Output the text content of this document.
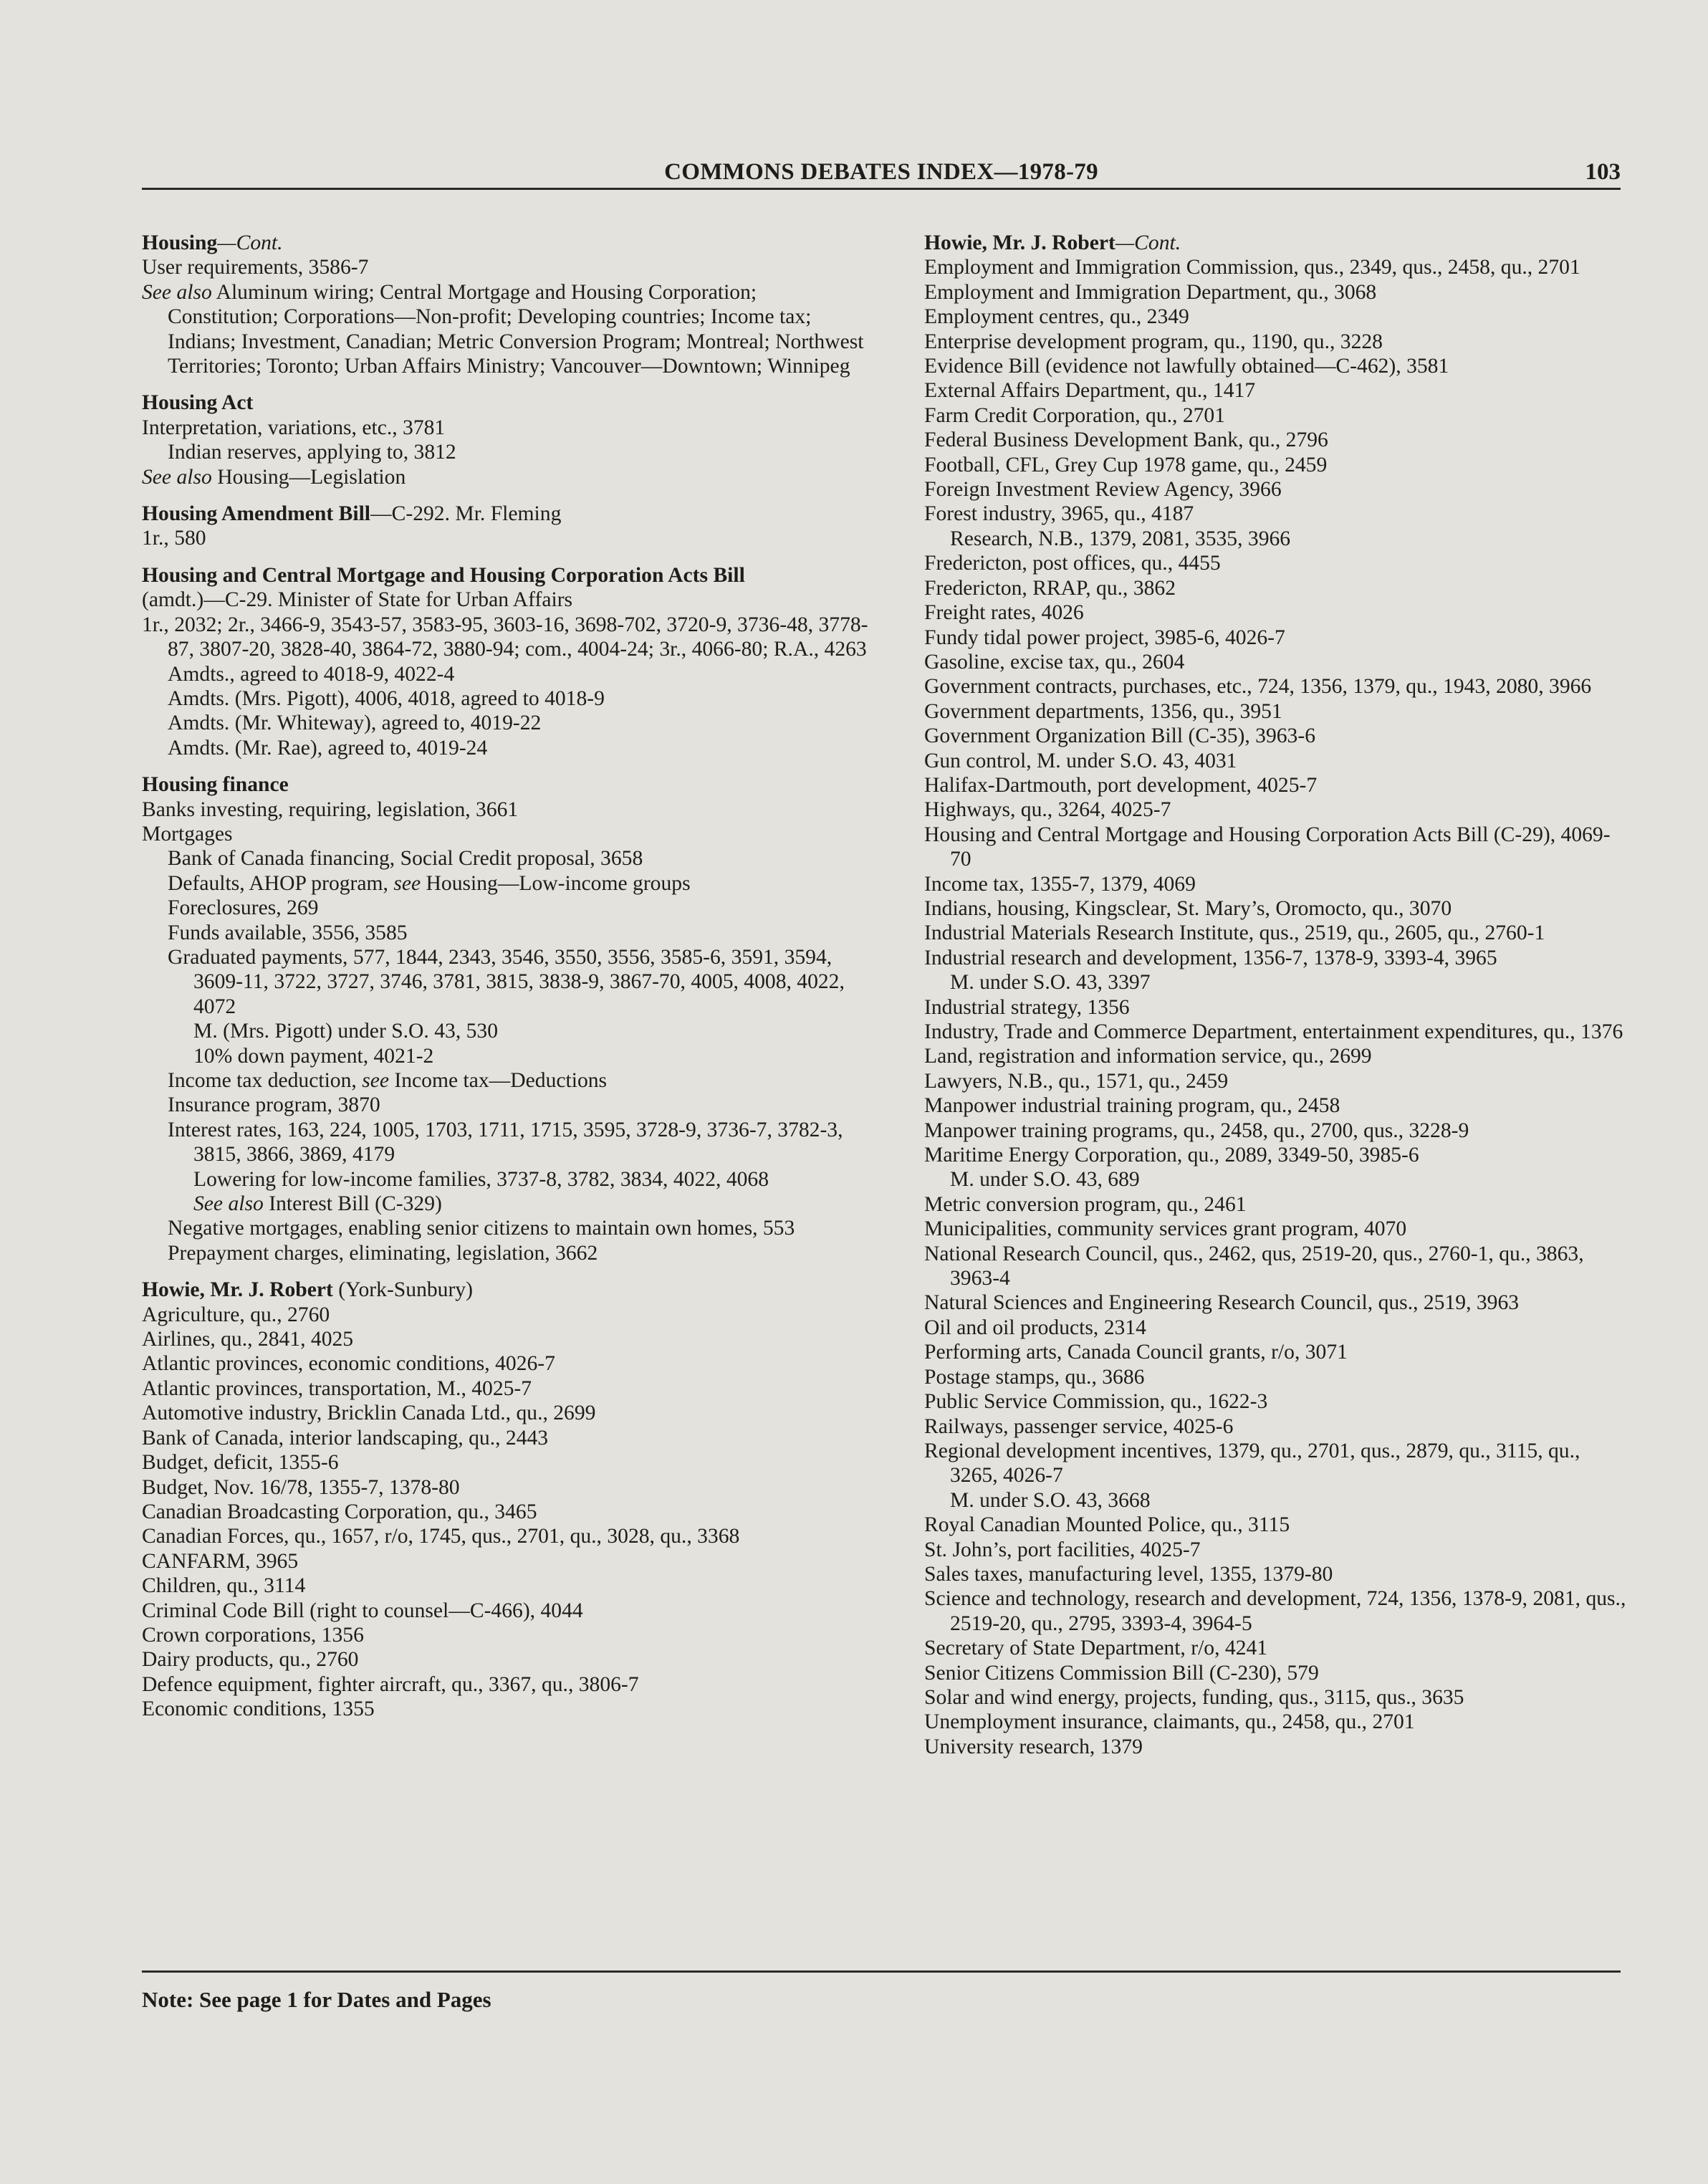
COMMONS DEBATES INDEX—1978-79	103
Housing—Cont.
User requirements, 3586-7
See also Aluminum wiring; Central Mortgage and Housing Corporation; Constitution; Corporations—Non-profit; Developing countries; Income tax; Indians; Investment, Canadian; Metric Conversion Program; Montreal; Northwest Territories; Toronto; Urban Affairs Ministry; Vancouver—Downtown; Winnipeg
Housing Act
Interpretation, variations, etc., 3781
Indian reserves, applying to, 3812
See also Housing—Legislation
Housing Amendment Bill—C-292. Mr. Fleming
1r., 580
Housing and Central Mortgage and Housing Corporation Acts Bill
(amdt.)—C-29. Minister of State for Urban Affairs
1r., 2032; 2r., 3466-9, 3543-57, 3583-95, 3603-16, 3698-702, 3720-9, 3736-48, 3778-87, 3807-20, 3828-40, 3864-72, 3880-94; com., 4004-24; 3r., 4066-80; R.A., 4263
Amdts., agreed to 4018-9, 4022-4
Amdts. (Mrs. Pigott), 4006, 4018, agreed to 4018-9
Amdts. (Mr. Whiteway), agreed to, 4019-22
Amdts. (Mr. Rae), agreed to, 4019-24
Housing finance
Banks investing, requiring, legislation, 3661
Mortgages
Bank of Canada financing, Social Credit proposal, 3658
Defaults, AHOP program, see Housing—Low-income groups
Foreclosures, 269
Funds available, 3556, 3585
Graduated payments, 577, 1844, 2343, 3546, 3550, 3556, 3585-6, 3591, 3594, 3609-11, 3722, 3727, 3746, 3781, 3815, 3838-9, 3867-70, 4005, 4008, 4022, 4072
M. (Mrs. Pigott) under S.O. 43, 530
10% down payment, 4021-2
Income tax deduction, see Income tax—Deductions
Insurance program, 3870
Interest rates, 163, 224, 1005, 1703, 1711, 1715, 3595, 3728-9, 3736-7, 3782-3, 3815, 3866, 3869, 4179
Lowering for low-income families, 3737-8, 3782, 3834, 4022, 4068
See also Interest Bill (C-329)
Negative mortgages, enabling senior citizens to maintain own homes, 553
Prepayment charges, eliminating, legislation, 3662
Howie, Mr. J. Robert (York-Sunbury)
Agriculture, qu., 2760
Airlines, qu., 2841, 4025
Atlantic provinces, economic conditions, 4026-7
Atlantic provinces, transportation, M., 4025-7
Automotive industry, Bricklin Canada Ltd., qu., 2699
Bank of Canada, interior landscaping, qu., 2443
Budget, deficit, 1355-6
Budget, Nov. 16/78, 1355-7, 1378-80
Canadian Broadcasting Corporation, qu., 3465
Canadian Forces, qu., 1657, r/o, 1745, qus., 2701, qu., 3028, qu., 3368
CANFARM, 3965
Children, qu., 3114
Criminal Code Bill (right to counsel—C-466), 4044
Crown corporations, 1356
Dairy products, qu., 2760
Defence equipment, fighter aircraft, qu., 3367, qu., 3806-7
Economic conditions, 1355
Howie, Mr. J. Robert—Cont.
Employment and Immigration Commission, qus., 2349, qus., 2458, qu., 2701
Employment and Immigration Department, qu., 3068
Employment centres, qu., 2349
Enterprise development program, qu., 1190, qu., 3228
Evidence Bill (evidence not lawfully obtained—C-462), 3581
External Affairs Department, qu., 1417
Farm Credit Corporation, qu., 2701
Federal Business Development Bank, qu., 2796
Football, CFL, Grey Cup 1978 game, qu., 2459
Foreign Investment Review Agency, 3966
Forest industry, 3965, qu., 4187
Research, N.B., 1379, 2081, 3535, 3966
Fredericton, post offices, qu., 4455
Fredericton, RRAP, qu., 3862
Freight rates, 4026
Fundy tidal power project, 3985-6, 4026-7
Gasoline, excise tax, qu., 2604
Government contracts, purchases, etc., 724, 1356, 1379, qu., 1943, 2080, 3966
Government departments, 1356, qu., 3951
Government Organization Bill (C-35), 3963-6
Gun control, M. under S.O. 43, 4031
Halifax-Dartmouth, port development, 4025-7
Highways, qu., 3264, 4025-7
Housing and Central Mortgage and Housing Corporation Acts Bill (C-29), 4069-70
Income tax, 1355-7, 1379, 4069
Indians, housing, Kingsclear, St. Mary’s, Oromocto, qu., 3070
Industrial Materials Research Institute, qus., 2519, qu., 2605, qu., 2760-1
Industrial research and development, 1356-7, 1378-9, 3393-4, 3965
M. under S.O. 43, 3397
Industrial strategy, 1356
Industry, Trade and Commerce Department, entertainment expenditures, qu., 1376
Land, registration and information service, qu., 2699
Lawyers, N.B., qu., 1571, qu., 2459
Manpower industrial training program, qu., 2458
Manpower training programs, qu., 2458, qu., 2700, qus., 3228-9
Maritime Energy Corporation, qu., 2089, 3349-50, 3985-6
M. under S.O. 43, 689
Metric conversion program, qu., 2461
Municipalities, community services grant program, 4070
National Research Council, qus., 2462, qus, 2519-20, qus., 2760-1, qu., 3863, 3963-4
Natural Sciences and Engineering Research Council, qus., 2519, 3963
Oil and oil products, 2314
Performing arts, Canada Council grants, r/o, 3071
Postage stamps, qu., 3686
Public Service Commission, qu., 1622-3
Railways, passenger service, 4025-6
Regional development incentives, 1379, qu., 2701, qus., 2879, qu., 3115, qu., 3265, 4026-7
M. under S.O. 43, 3668
Royal Canadian Mounted Police, qu., 3115
St. John’s, port facilities, 4025-7
Sales taxes, manufacturing level, 1355, 1379-80
Science and technology, research and development, 724, 1356, 1378-9, 2081, qus., 2519-20, qu., 2795, 3393-4, 3964-5
Secretary of State Department, r/o, 4241
Senior Citizens Commission Bill (C-230), 579
Solar and wind energy, projects, funding, qus., 3115, qus., 3635
Unemployment insurance, claimants, qu., 2458, qu., 2701
University research, 1379
Note: See page 1 for Dates and Pages
